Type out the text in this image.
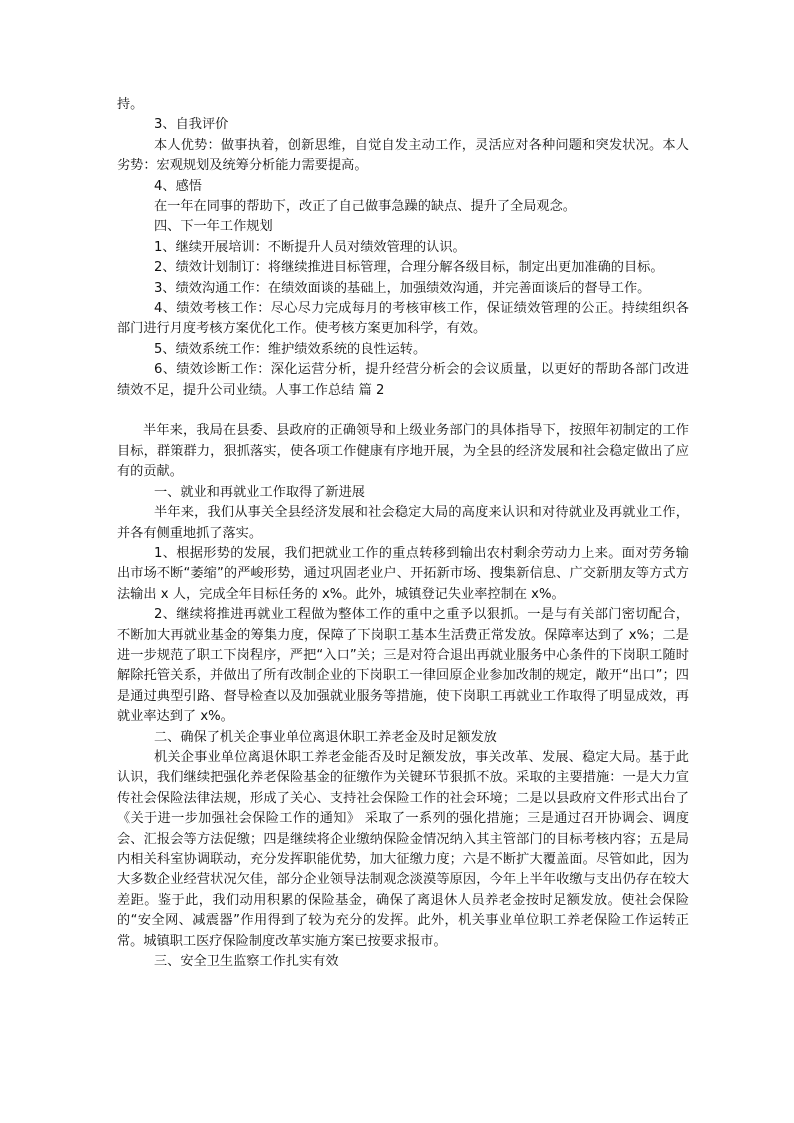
持。

3、自我评价

本人优势：做事执着，创新思维，自觉自发主动工作，灵活应对各种问题和突发状况。本人劣势：宏观规划及统筹分析能力需要提高。

4、感悟

在一年在同事的帮助下，改正了自己做事急躁的缺点、提升了全局观念。

四、下一年工作规划

1、继续开展培训：不断提升人员对绩效管理的认识。

2、绩效计划制订：将继续推进目标管理，合理分解各级目标，制定出更加准确的目标。

3、绩效沟通工作：在绩效面谈的基础上，加强绩效沟通，并完善面谈后的督导工作。

4、绩效考核工作：尽心尽力完成每月的考核审核工作，保证绩效管理的公正。持续组织各部门进行月度考核方案优化工作。使考核方案更加科学，有效。

5、绩效系统工作：维护绩效系统的良性运转。

6、绩效诊断工作：深化运营分析，提升经营分析会的会议质量，以更好的帮助各部门改进绩效不足，提升公司业绩。人事工作总结 篇 2

半年来，我局在县委、县政府的正确领导和上级业务部门的具体指导下，按照年初制定的工作目标，群策群力，狠抓落实，使各项工作健康有序地开展，为全县的经济发展和社会稳定做出了应有的贡献。

一、就业和再就业工作取得了新进展

半年来，我们从事关全县经济发展和社会稳定大局的高度来认识和对待就业及再就业工作，并各有侧重地抓了落实。

1、根据形势的发展，我们把就业工作的重点转移到输出农村剩余劳动力上来。面对劳务输出市场不断“萎缩”的严峻形势，通过巩固老业户、开拓新市场、搜集新信息、广交新朋友等方式方法输出 x 人，完成全年目标任务的 x%。此外，城镇登记失业率控制在 x%。

2、继续将推进再就业工程做为整体工作的重中之重予以狠抓。一是与有关部门密切配合，不断加大再就业基金的筹集力度，保障了下岗职工基本生活费正常发放。保障率达到了 x%；二是进一步规范了职工下岗程序，严把“入口”关；三是对符合退出再就业服务中心条件的下岗职工随时解除托管关系，并做出了所有改制企业的下岗职工一律回原企业参加改制的规定，敞开“出口”；四是通过典型引路、督导检查以及加强就业服务等措施，使下岗职工再就业工作取得了明显成效，再就业率达到了 x%。

二、确保了机关企事业单位离退休职工养老金及时足额发放

机关企事业单位离退休职工养老金能否及时足额发放，事关改革、发展、稳定大局。基于此认识，我们继续把强化养老保险基金的征缴作为关键环节狠抓不放。采取的主要措施：一是大力宣传社会保险法律法规，形成了关心、支持社会保险工作的社会环境；二是以县政府文件形式出台了《关于进一步加强社会保险工作的通知》 采取了一系列的强化措施；三是通过召开协调会、调度会、汇报会等方法促缴；四是继续将企业缴纳保险金情况纳入其主管部门的目标考核内容；五是局内相关科室协调联动，充分发挥职能优势，加大征缴力度；六是不断扩大覆盖面。尽管如此，因为大多数企业经营状况欠佳，部分企业领导法制观念淡漠等原因，今年上半年收缴与支出仍存在较大差距。鉴于此，我们动用积累的保险基金，确保了离退休人员养老金按时足额发放。使社会保险的“安全网、减震器”作用得到了较为充分的发挥。此外，机关事业单位职工养老保险工作运转正常。城镇职工医疗保险制度改革实施方案已按要求报市。

三、安全卫生监察工作扎实有效
